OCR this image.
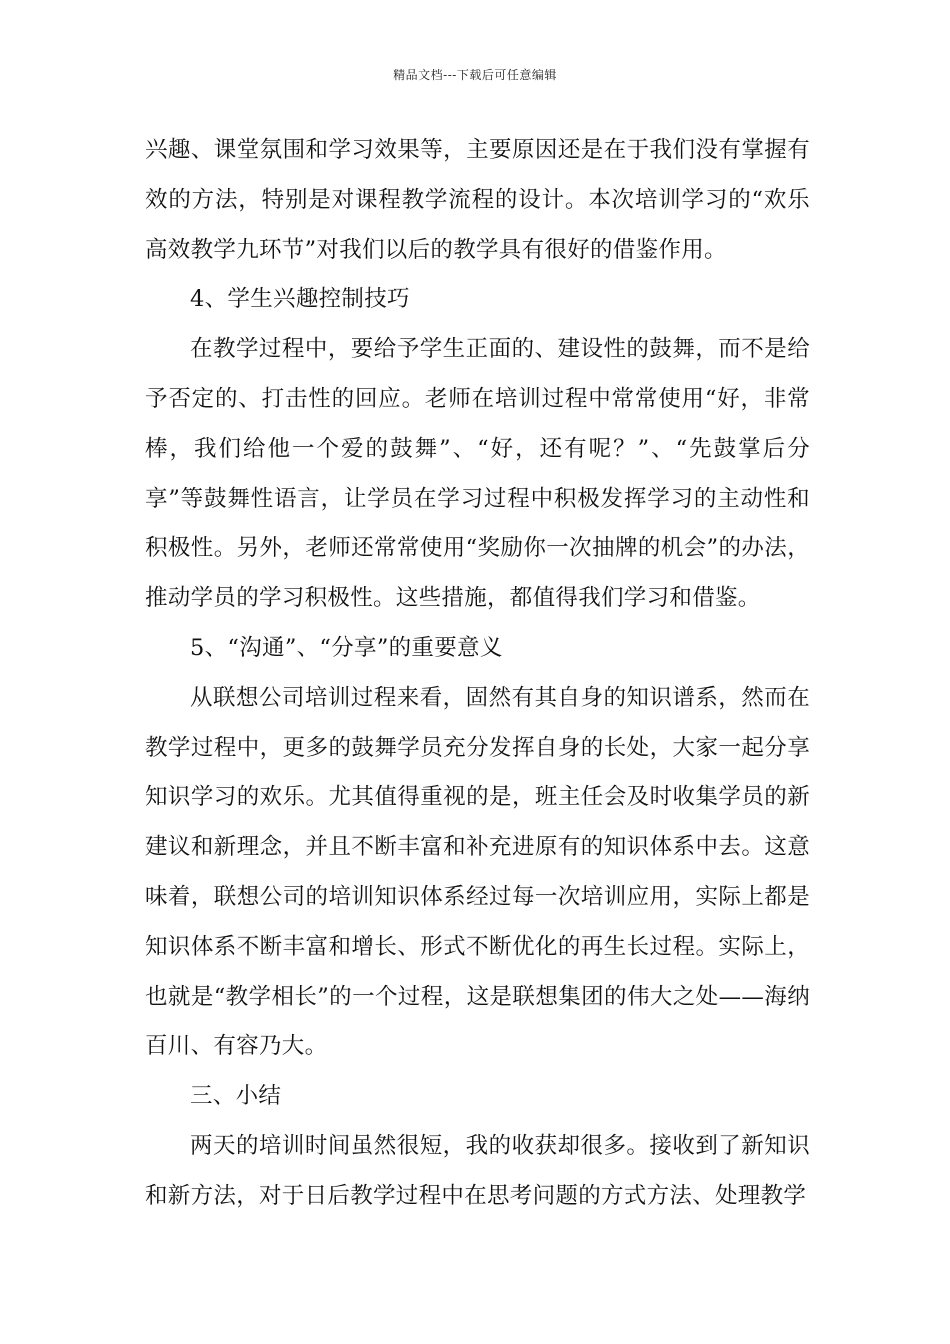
精品文档---下载后可任意编辑

兴趣、课堂氛围和学习效果等，主要原因还是在于我们没有掌握有效的方法，特别是对课程教学流程的设计。本次培训学习的“欢乐高效教学九环节”对我们以后的教学具有很好的借鉴作用。

4、学生兴趣控制技巧

在教学过程中，要给予学生正面的、建设性的鼓舞，而不是给予否定的、打击性的回应。老师在培训过程中常常使用“好，非常棒，我们给他一个爱的鼓舞”、“好，还有呢？”、“先鼓掌后分享”等鼓舞性语言，让学员在学习过程中积极发挥学习的主动性和积极性。另外，老师还常常使用“奖励你一次抽牌的机会”的办法，推动学员的学习积极性。这些措施，都值得我们学习和借鉴。

5、“沟通”、“分享”的重要意义

从联想公司培训过程来看，固然有其自身的知识谱系，然而在教学过程中，更多的鼓舞学员充分发挥自身的长处，大家一起分享知识学习的欢乐。尤其值得重视的是，班主任会及时收集学员的新建议和新理念，并且不断丰富和补充进原有的知识体系中去。这意味着，联想公司的培训知识体系经过每一次培训应用，实际上都是知识体系不断丰富和增长、形式不断优化的再生长过程。实际上，也就是“教学相长”的一个过程，这是联想集团的伟大之处——海纳百川、有容乃大。

三、小结

两天的培训时间虽然很短，我的收获却很多。接收到了新知识和新方法，对于日后教学过程中在思考问题的方式方法、处理教学
